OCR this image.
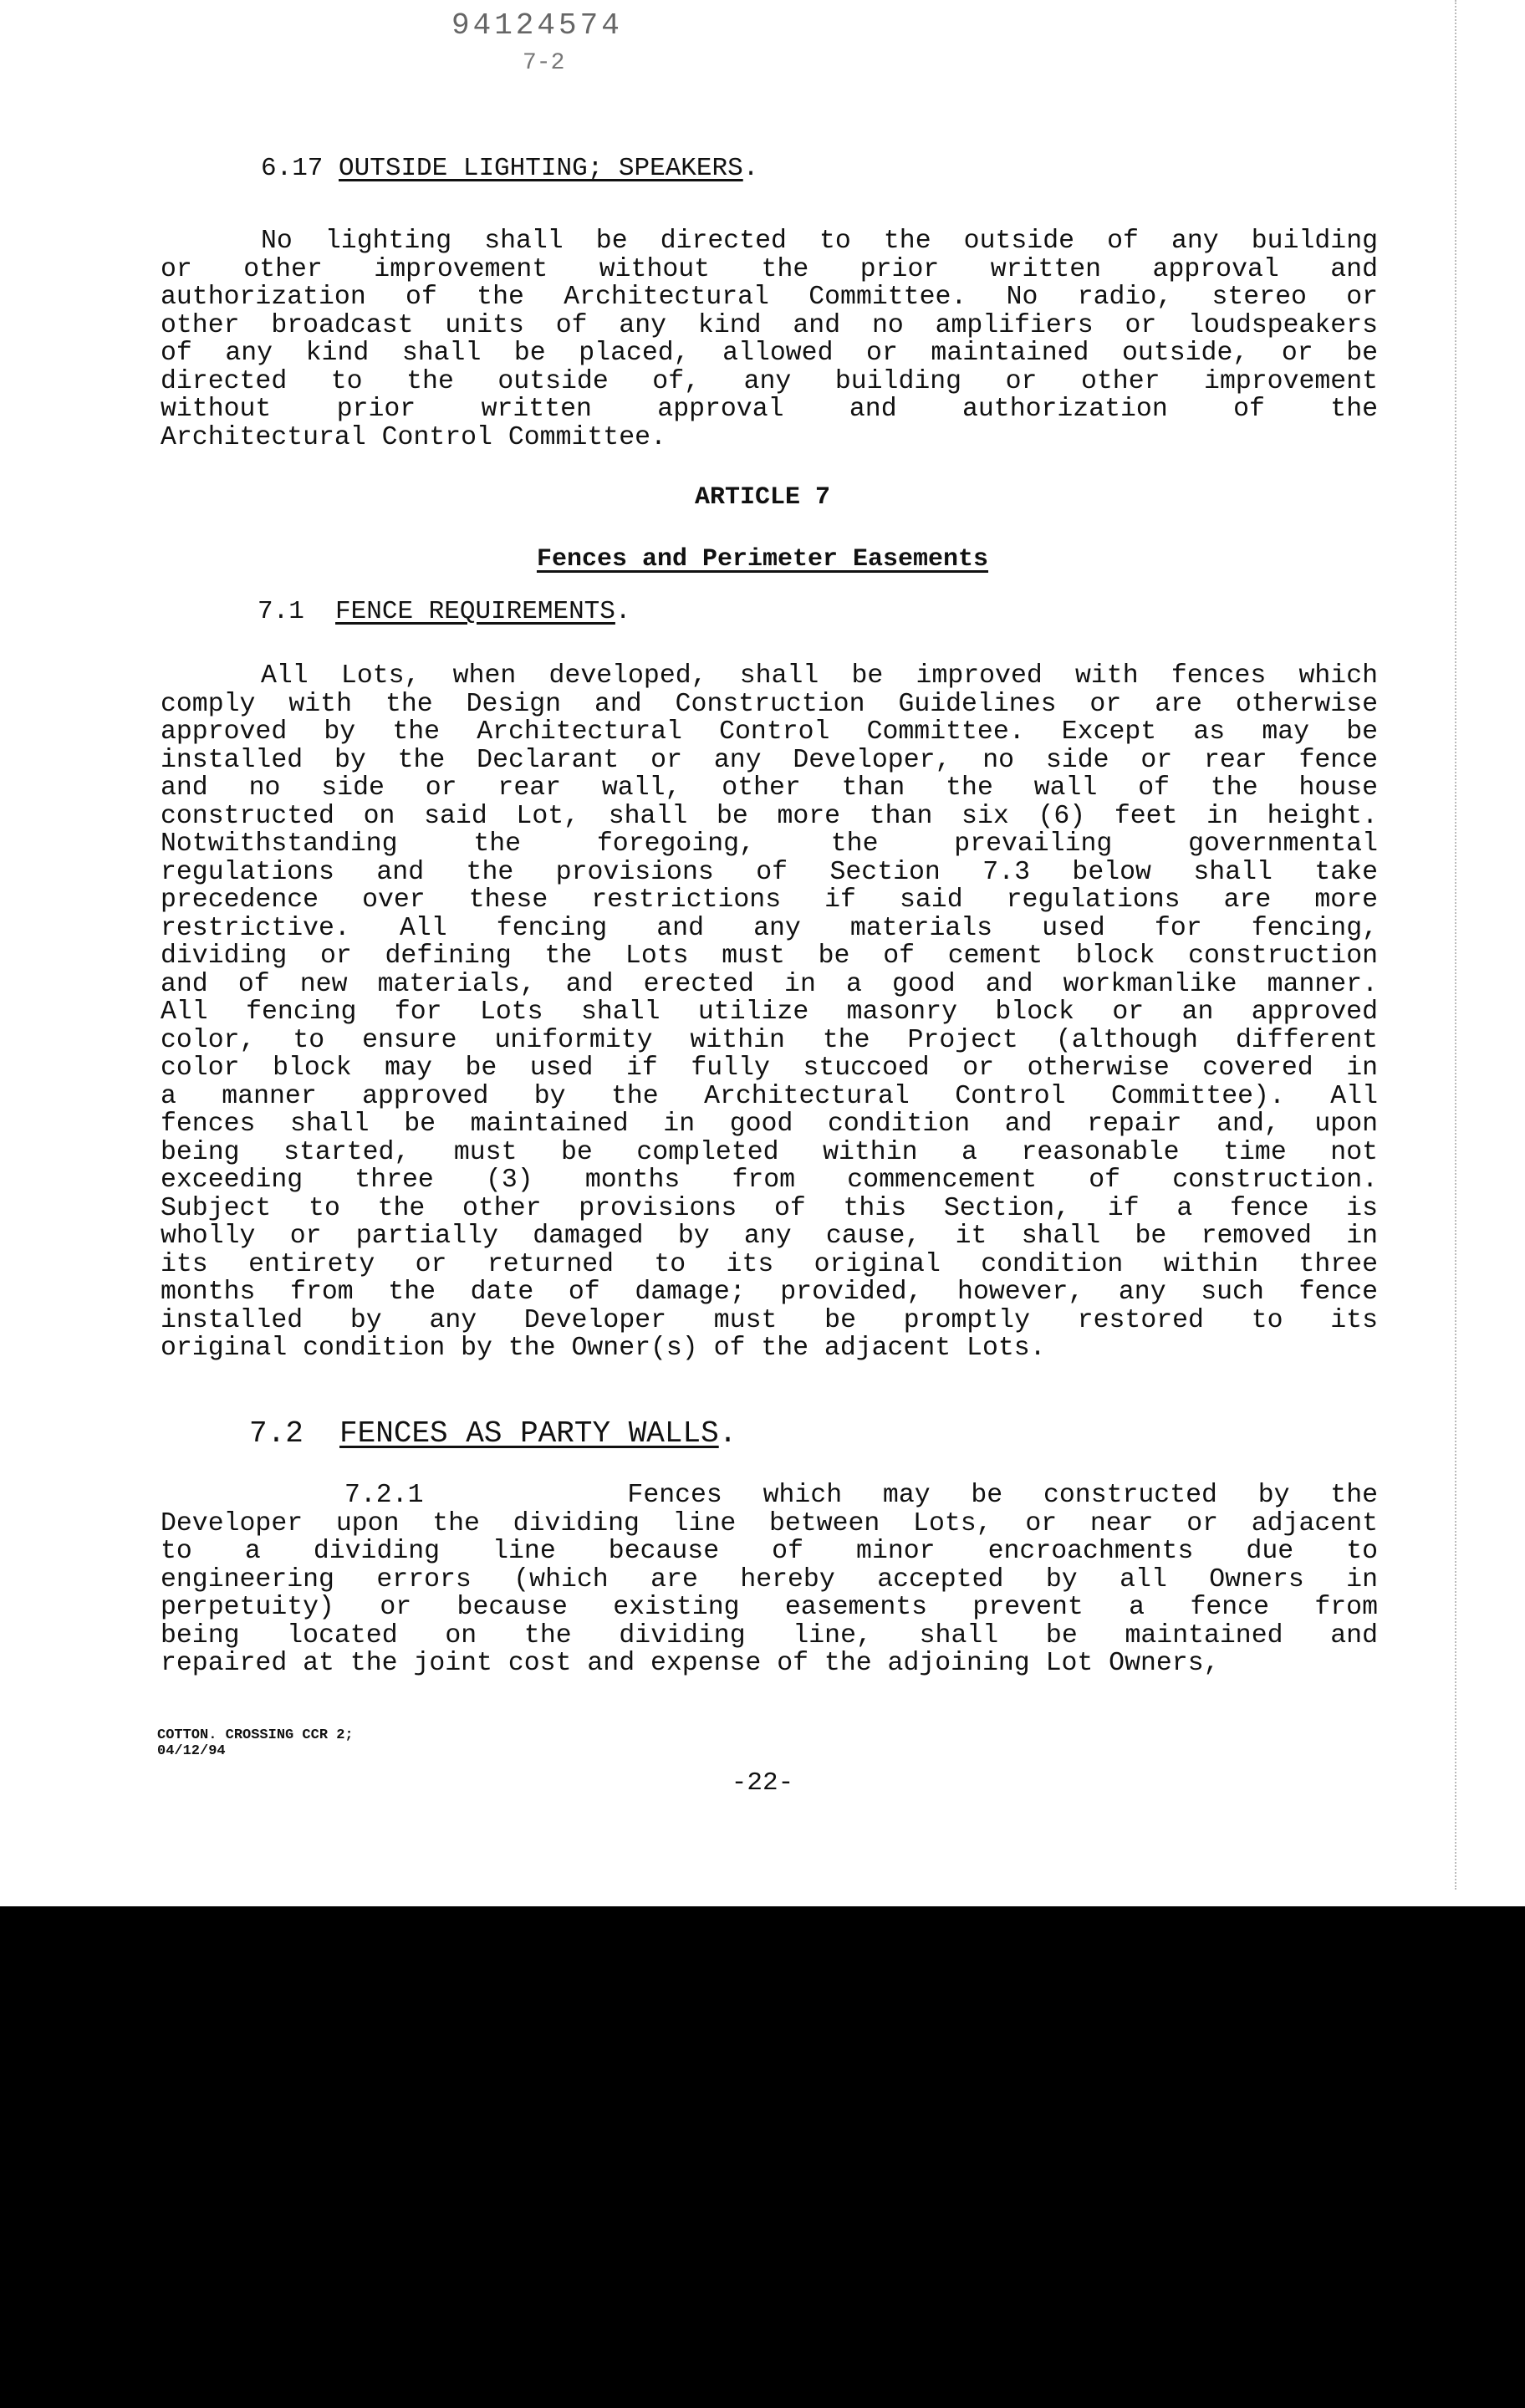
94124574
7-2
6.17 OUTSIDE LIGHTING; SPEAKERS.
No lighting shall be directed to the outside of any building
or other improvement without the prior written approval and
authorization of the Architectural Committee. No radio, stereo or
other broadcast units of any kind and no amplifiers or loudspeakers
of any kind shall be placed, allowed or maintained outside, or be
directed to the outside of, any building or other improvement
without prior written approval and authorization of the
Architectural Control Committee.
ARTICLE 7
Fences and Perimeter Easements
7.1 FENCE REQUIREMENTS.
All Lots, when developed, shall be improved with fences which
comply with the Design and Construction Guidelines or are otherwise
approved by the Architectural Control Committee. Except as may be
installed by the Declarant or any Developer, no side or rear fence
and no side or rear wall, other than the wall of the house
constructed on said Lot, shall be more than six (6) feet in height.
Notwithstanding the foregoing, the prevailing governmental
regulations and the provisions of Section 7.3 below shall take
precedence over these restrictions if said regulations are more
restrictive. All fencing and any materials used for fencing,
dividing or defining the Lots must be of cement block construction
and of new materials, and erected in a good and workmanlike manner.
All fencing for Lots shall utilize masonry block or an approved
color, to ensure uniformity within the Project (although different
color block may be used if fully stuccoed or otherwise covered in
a manner approved by the Architectural Control Committee). All
fences shall be maintained in good condition and repair and, upon
being started, must be completed within a reasonable time not
exceeding three (3) months from commencement of construction.
Subject to the other provisions of this Section, if a fence is
wholly or partially damaged by any cause, it shall be removed in
its entirety or returned to its original condition within three
months from the date of damage; provided, however, any such fence
installed by any Developer must be promptly restored to its
original condition by the Owner(s) of the adjacent Lots.
7.2 FENCES AS PARTY WALLS.
7.2.1	Fences which may be constructed by the
Developer upon the dividing line between Lots, or near or adjacent
to a dividing line because of minor encroachments due to
engineering errors (which are hereby accepted by all Owners in
perpetuity) or because existing easements prevent a fence from
being located on the dividing line, shall be maintained and
repaired at the joint cost and expense of the adjoining Lot Owners,
COTTON. CROSSING CCR 2;
04/12/94
-22-
